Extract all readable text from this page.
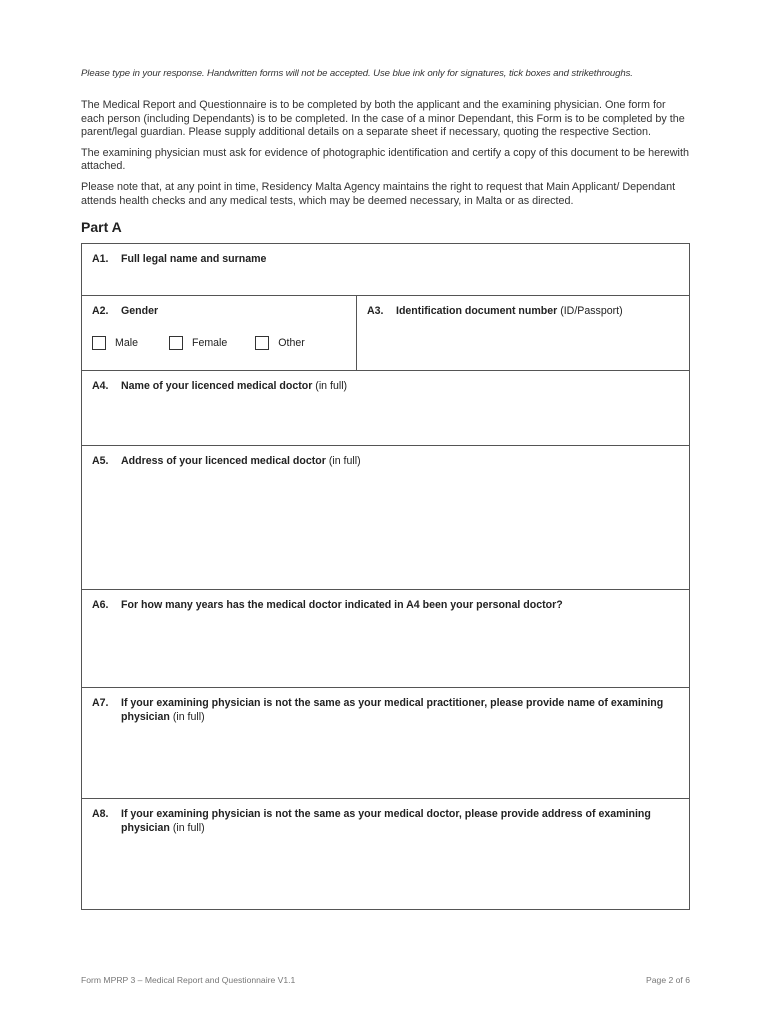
Please type in your response. Handwritten forms will not be accepted. Use blue ink only for signatures, tick boxes and strikethroughs.

The Medical Report and Questionnaire is to be completed by both the applicant and the examining physician. One form for each person (including Dependants) is to be completed. In the case of a minor Dependant, this Form is to be completed by the parent/legal guardian. Please supply additional details on a separate sheet if necessary, quoting the respective Section.

The examining physician must ask for evidence of photographic identification and certify a copy of this document to be herewith attached.

Please note that, at any point in time, Residency Malta Agency maintains the right to request that Main Applicant/ Dependant attends health checks and any medical tests, which may be deemed necessary, in Malta or as directed.

Part A
A1.	Full legal name and surname
A2.	Gender
Male	Female	Other
A3.	Identification document number (ID/Passport)
A4.	Name of your licenced medical doctor (in full)
A5.	Address of your licenced medical doctor (in full)
A6.	For how many years has the medical doctor indicated in A4 been your personal doctor?
A7.	If your examining physician is not the same as your medical practitioner, please provide name of examining physician (in full)
A8.	If your examining physician is not the same as your medical doctor, please provide address of examining physician (in full)
Form MPRP 3 – Medical Report and Questionnaire V1.1	Page 2 of 6
